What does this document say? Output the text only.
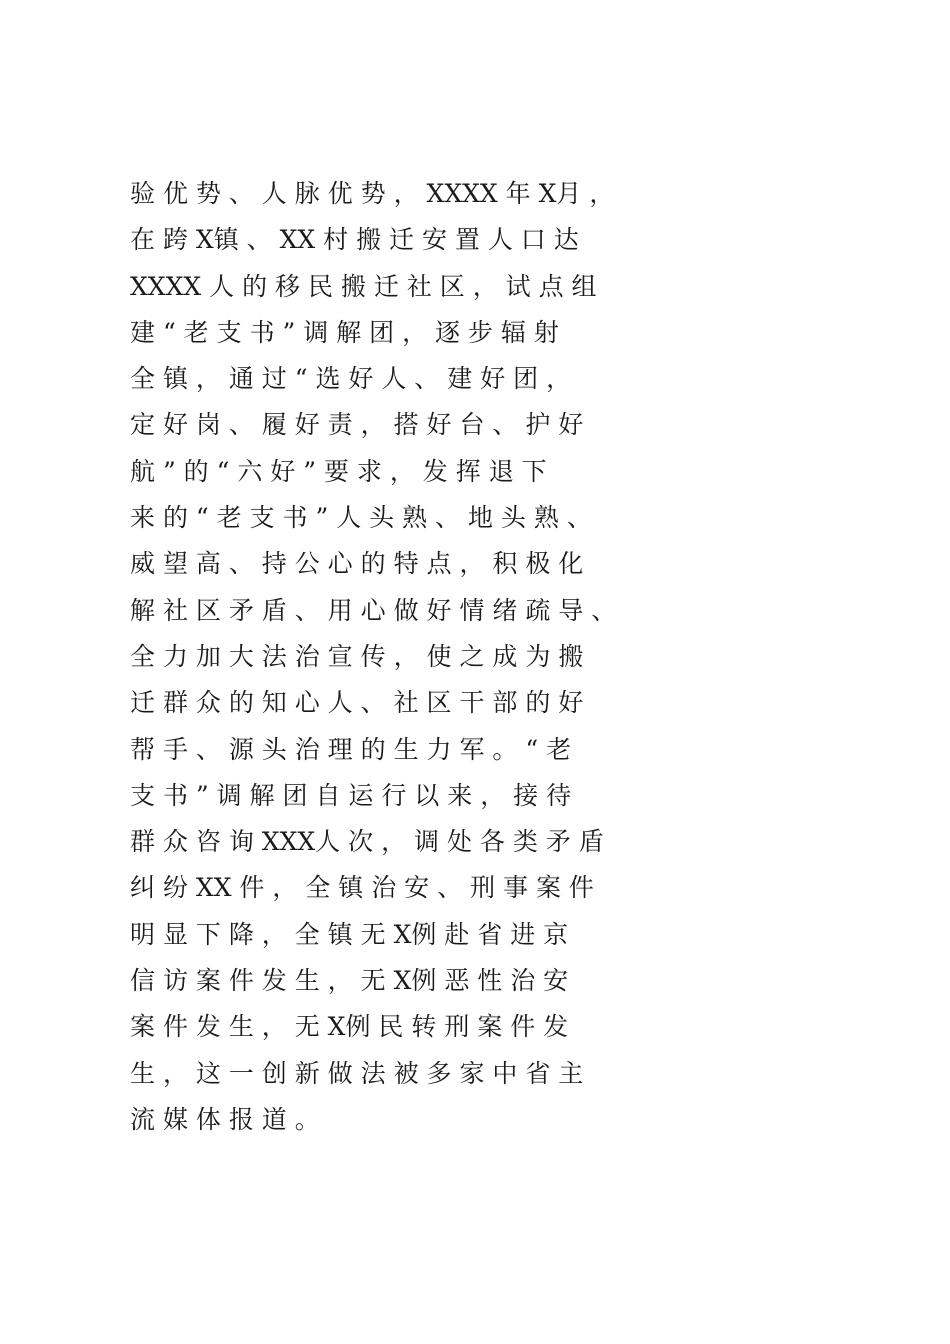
验 优 势 、 人 脉 优 势 ， XXXX 年 X月 ，
在 跨 X镇 、 XX 村 搬 迁 安 置 人 口 达
XXXX 人 的 移 民 搬 迁 社 区 ， 试 点 组
建 “ 老 支 书 ” 调 解 团 ， 逐 步 辐 射
全 镇 ， 通 过 “ 选 好 人 、 建 好 团 ，
定 好 岗 、 履 好 责 ， 搭 好 台 、 护 好
航 ” 的 “ 六 好 ” 要 求 ， 发 挥 退 下
来 的 “ 老 支 书 ” 人 头 熟 、 地 头 熟 、
威 望 高 、 持 公 心 的 特 点 ， 积 极 化
解 社 区 矛 盾 、 用 心 做 好 情 绪 疏 导 、
全 力 加 大 法 治 宣 传 ， 使 之 成 为 搬
迁 群 众 的 知 心 人 、 社 区 干 部 的 好
帮 手 、 源 头 治 理 的 生 力 军 。 “ 老
支 书 ” 调 解 团 自 运 行 以 来 ， 接 待
群 众 咨 询 XXX人 次 ， 调 处 各 类 矛 盾
纠 纷 XX 件 ， 全 镇 治 安 、 刑 事 案 件
明 显 下 降 ， 全 镇 无 X例 赴 省 进 京
信 访 案 件 发 生 ， 无 X例 恶 性 治 安
案 件 发 生 ， 无 X例 民 转 刑 案 件 发
生 ， 这 一 创 新 做 法 被 多 家 中 省 主
流 媒 体 报 道 。
